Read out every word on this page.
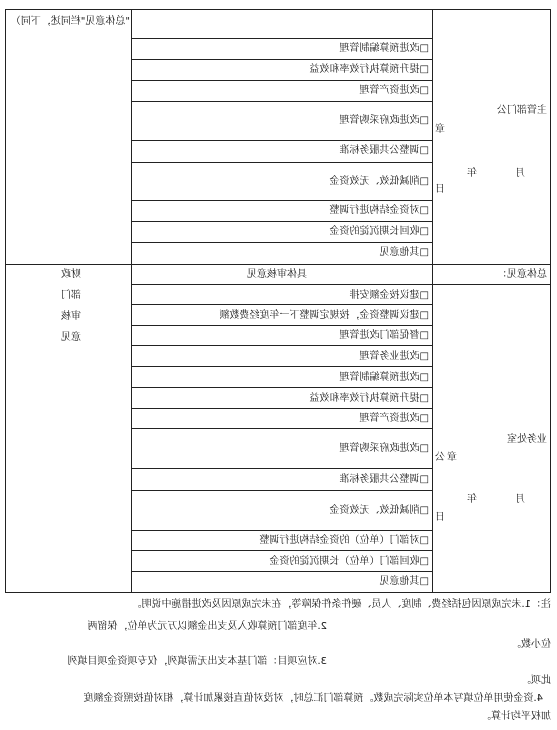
"总体意见"栏同述，下同）
□改进预算编制管理
□提升预算执行效率和效益
□改进资产管理
□改进政府采购管理
□调整公共服务标准
□削减低效、无效资金
□对资金结构进行调整
□收回长期沉淀的资金
□其他意见
主管部门公
章
年	月
日
总体意见：
具体审核意见
财政
部门
审核
意见
□建议按金额安排
□建议调整资金，按规定调整下一年度经费数额
□督促部门改进管理
□改进业务管理
□改进预算编制管理
□提升预算执行效率和效益
□改进资产管理
□改进政府采购管理
□调整公共服务标准
□削减低效、无效资金
□对部门（单位）的资金结构进行调整
□收回部门（单位）长期沉淀的资金
□其他意见
业务处室
公 章
年	月
日
注：1.未完成原因包括经费、制度、人员、硬件条件保障等，在未完成原因及改进措施中说明。
2.年度部门预算收入及支出金额以万元为单位，保留两
位小数。
3.对应项目：部门基本支出无需填列，仅专项资金项目填列
此项。
4.资金使用单位填写本单位实际完成数。预算部门汇总时，对没对值直接累加计算，相对值按照资金额度
加权平均计算。
